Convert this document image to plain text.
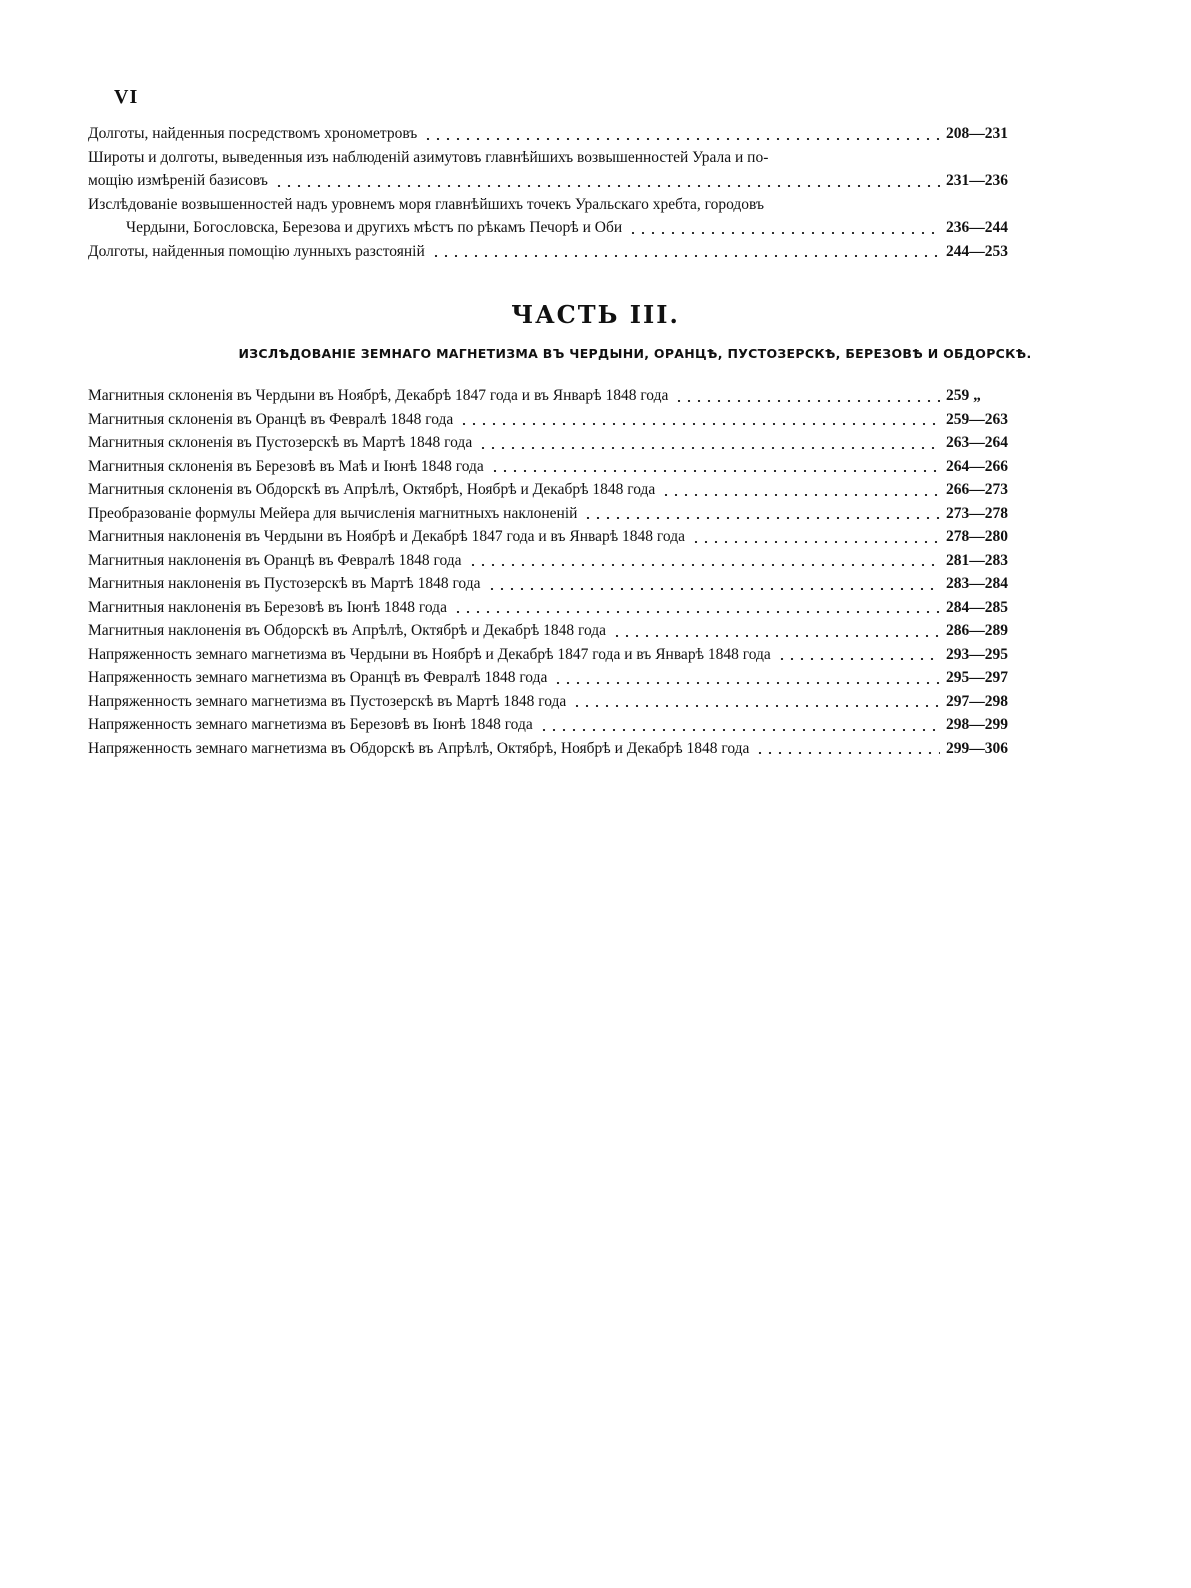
VI
Долготы, найденныя посредствомъ хронометровъ	208—231
Широты и долготы, выведенныя изъ наблюденій азимутовъ главнѣйшихъ возвышенностей Урала и по-
мощію измѣреній базисовъ	231—236
Изслѣдованіе возвышенностей надъ уровнемъ моря главнѣйшихъ точекъ Уральскаго хребта, городовъ
Чердыни, Богословска, Березова и другихъ мѣстъ по рѣкамъ Печорѣ и Оби	236—244
Долготы, найденныя помощію лунныхъ разстояній	244—253
ЧАСТЬ III.
ИЗСЛѢДОВАНІЕ ЗЕМНАГО МАГНЕТИЗМА ВЪ ЧЕРДЫНИ, ОРАНЦѢ, ПУСТОЗЕРСКѢ, БЕРЕЗОВѢ И ОБДОРСКѢ.
Магнитныя склоненія въ Чердыни въ Ноябрѣ, Декабрѣ 1847 года и въ Январѣ 1848 года	259 „
Магнитныя склоненія въ Оранцѣ въ Февралѣ 1848 года	259—263
Магнитныя склоненія въ Пустозерскѣ въ Мартѣ 1848 года	263—264
Магнитныя склоненія въ Березовѣ въ Маѣ и Іюнѣ 1848 года	264—266
Магнитныя склоненія въ Обдорскѣ въ Апрѣлѣ, Октябрѣ, Ноябрѣ и Декабрѣ 1848 года	266—273
Преобразованіе формулы Мейера для вычисленія магнитныхъ наклоненій	273—278
Магнитныя наклоненія въ Чердыни въ Ноябрѣ и Декабрѣ 1847 года и въ Январѣ 1848 года	278—280
Магнитныя наклоненія въ Оранцѣ въ Февралѣ 1848 года	281—283
Магнитныя наклоненія въ Пустозерскѣ въ Мартѣ 1848 года	283—284
Магнитныя наклоненія въ Березовѣ въ Іюнѣ 1848 года	284—285
Магнитныя наклоненія въ Обдорскѣ въ Апрѣлѣ, Октябрѣ и Декабрѣ 1848 года	286—289
Напряженность земнаго магнетизма въ Чердыни въ Ноябрѣ и Декабрѣ 1847 года и въ Январѣ 1848 года	293—295
Напряженность земнаго магнетизма въ Оранцѣ въ Февралѣ 1848 года	295—297
Напряженность земнаго магнетизма въ Пустозерскѣ въ Мартѣ 1848 года	297—298
Напряженность земнаго магнетизма въ Березовѣ въ Іюнѣ 1848 года	298—299
Напряженность земнаго магнетизма въ Обдорскѣ въ Апрѣлѣ, Октябрѣ, Ноябрѣ и Декабрѣ 1848 года	299—306
